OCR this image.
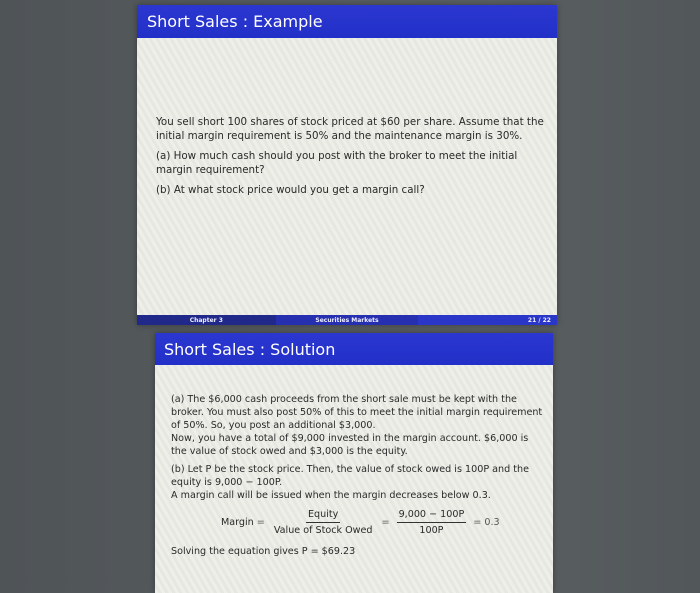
Short Sales : Example

You sell short 100 shares of stock priced at $60 per share. Assume that the initial margin requirement is 50% and the maintenance margin is 30%.

(a) How much cash should you post with the broker to meet the initial margin requirement?

(b) At what stock price would you get a margin call?

Chapter 3	Securities Markets	21 / 22
Short Sales : Solution
(a) The $6,000 cash proceeds from the short sale must be kept with the broker. You must also post 50% of this to meet the initial margin requirement of 50%. So, you post an additional $3,000.
Now, you have a total of $9,000 invested in the margin account. $6,000 is the value of stock owed and $3,000 is the equity.
(b) Let P be the stock price. Then, the value of stock owed is 100P and the equity is 9,000 − 100P.
A margin call will be issued when the margin decreases below 0.3.
Margin = $\frac{\text{Equity}}{\text{Value of Stock Owed}} = \frac{9,000 - 100P}{100P} = 0.3$
Solving the equation gives P = $69.23
